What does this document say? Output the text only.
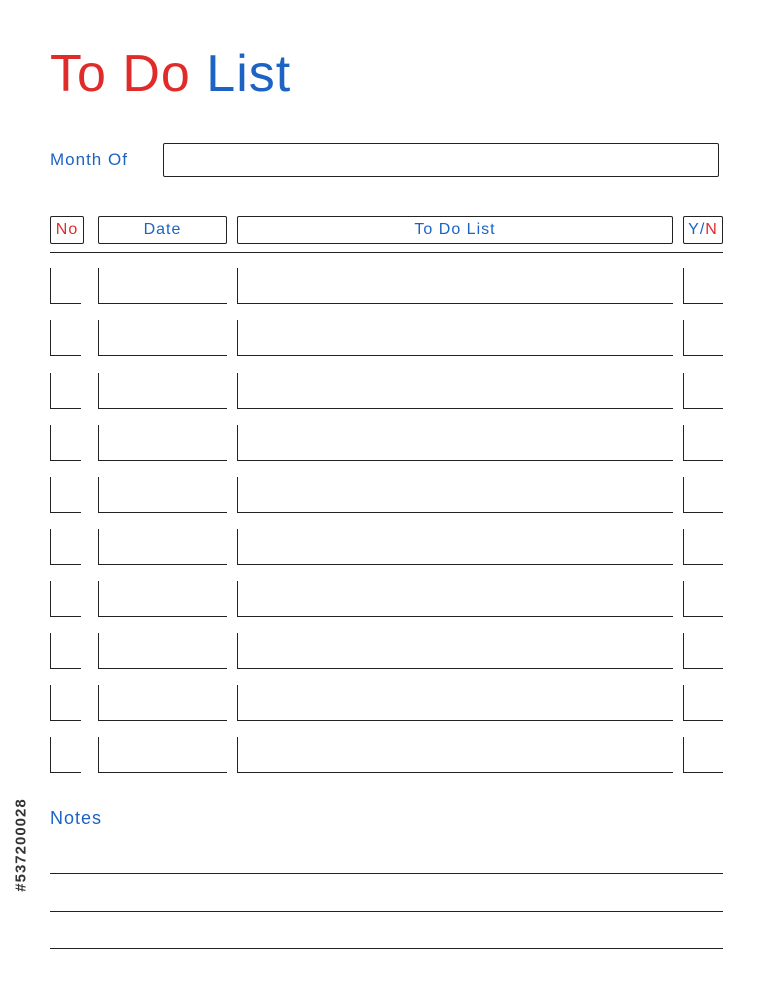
To Do List
Month Of
No	Date	To Do List	Y / N
Notes
#537200028
